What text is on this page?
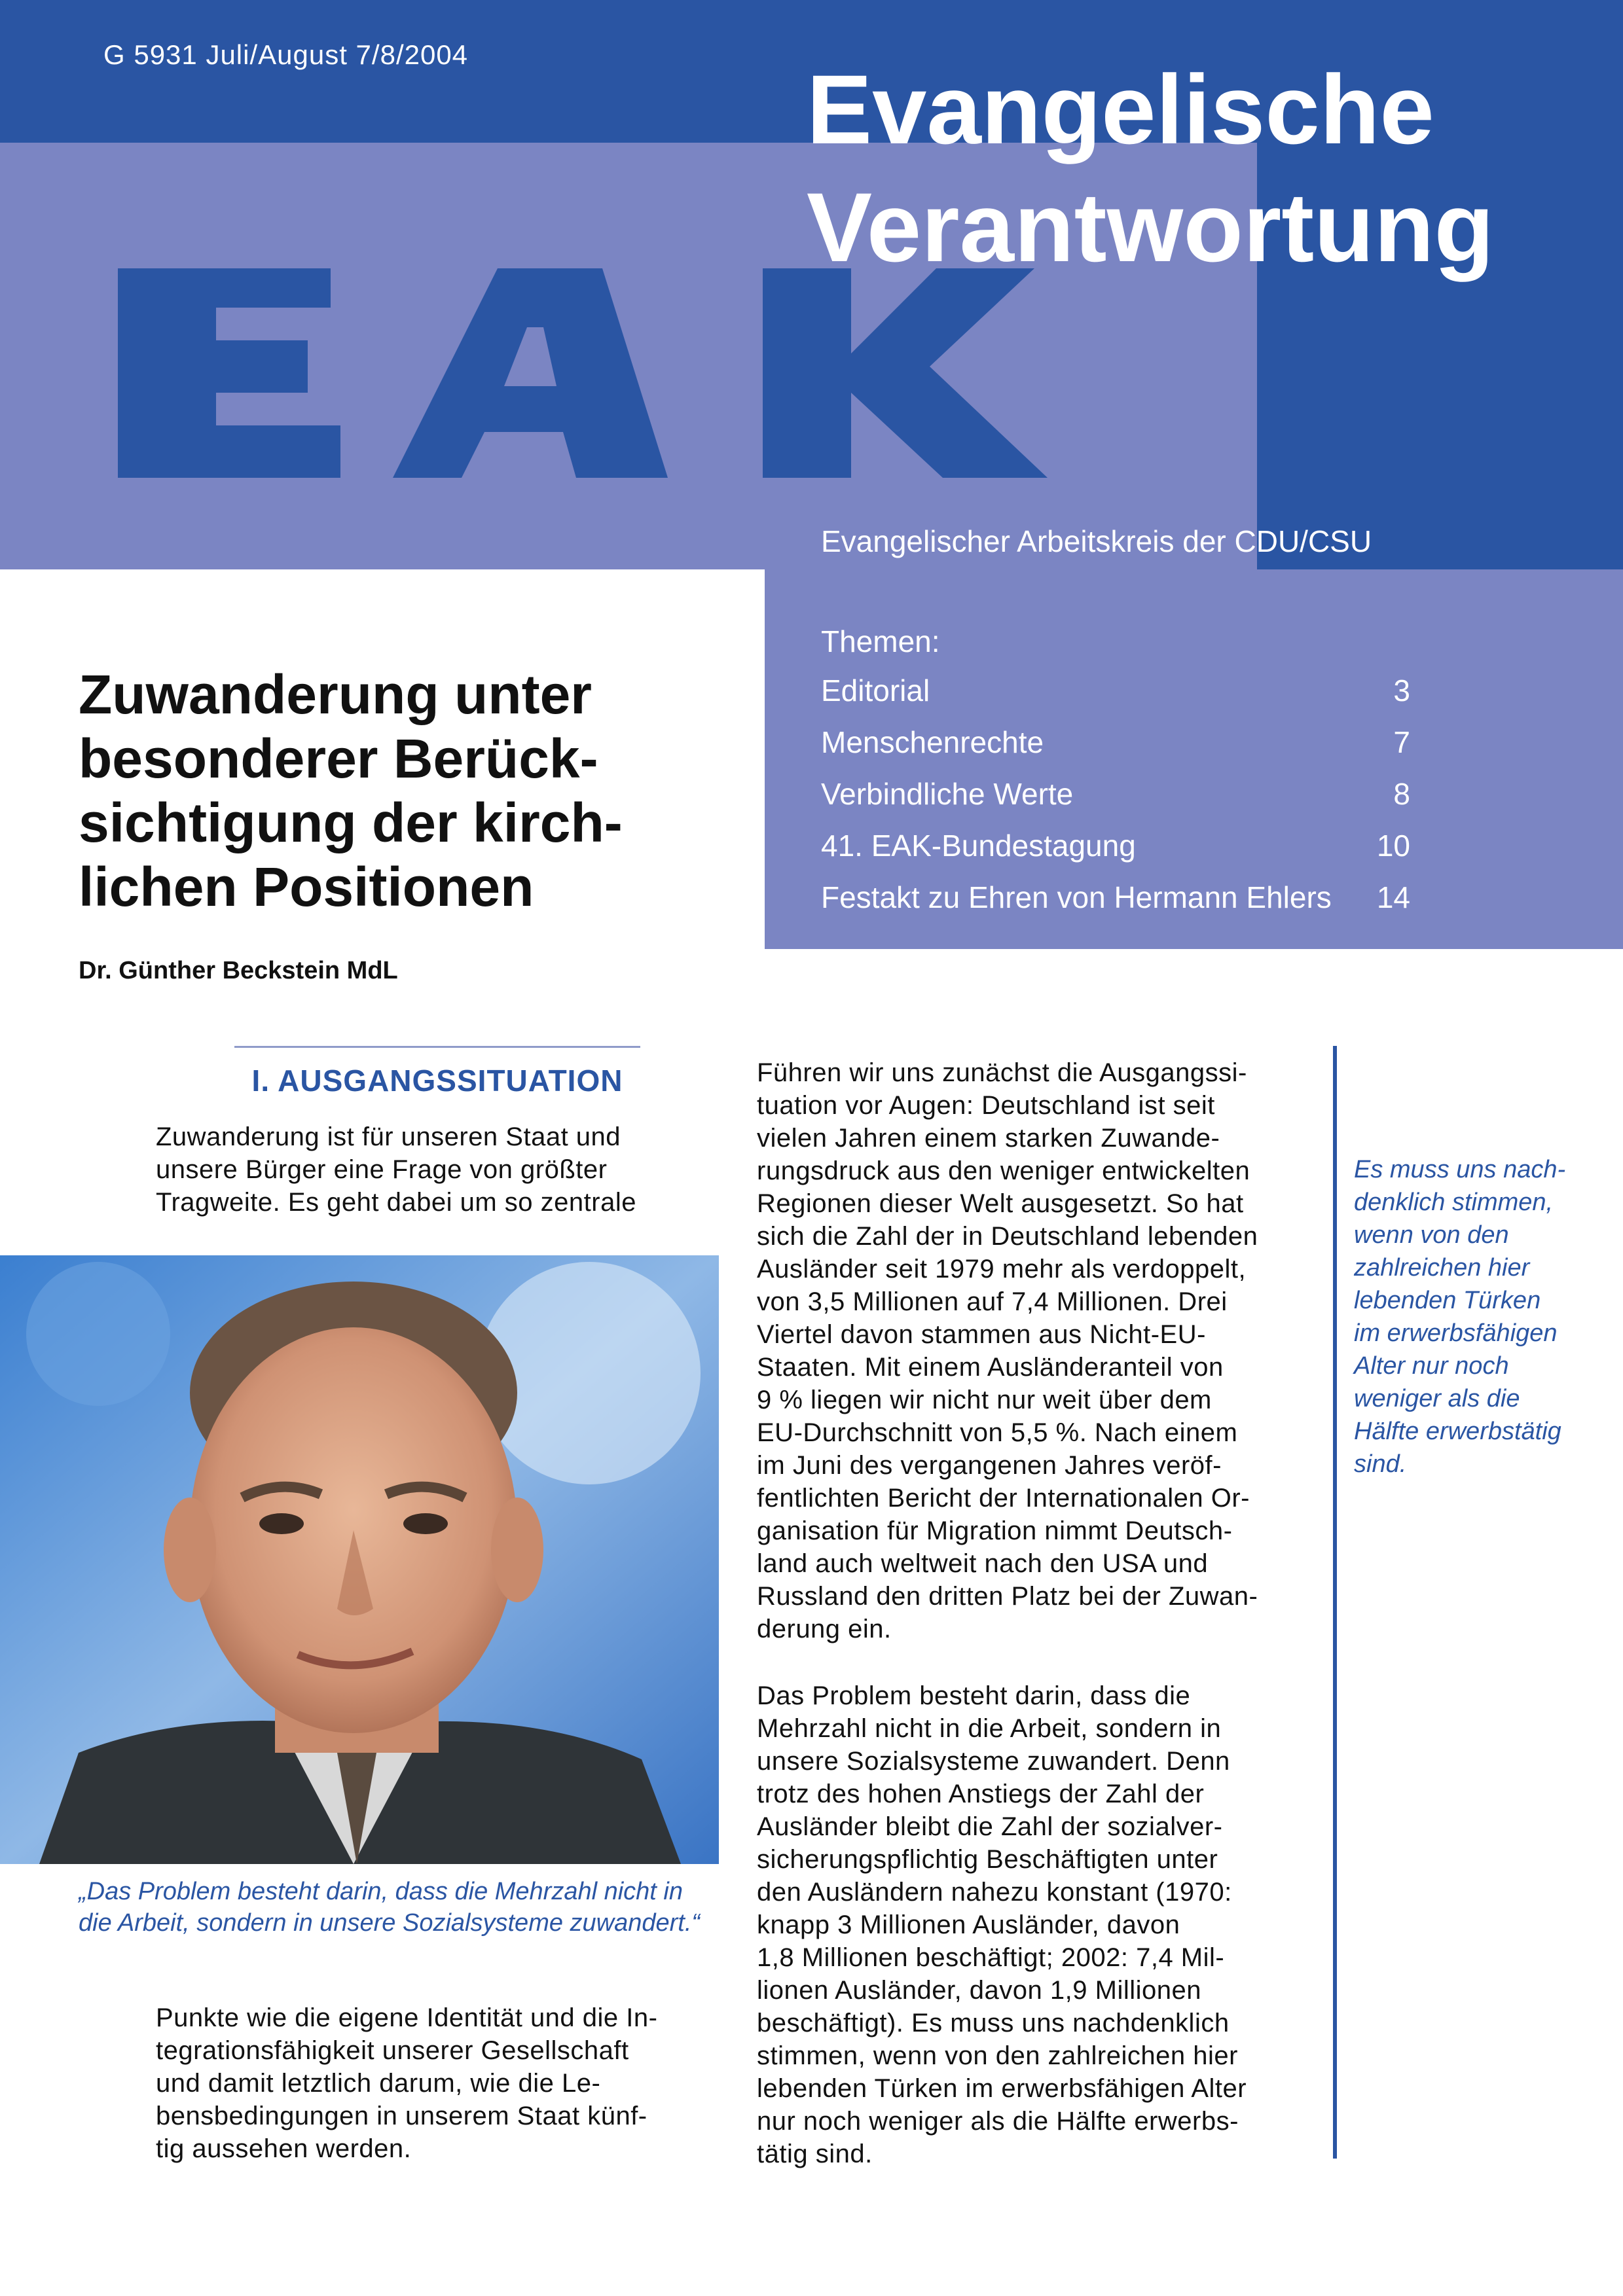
EAK
G 5931 Juli/August 7/8/2004	Evangelische
Verantwortung
Evangelischer Arbeitskreis der CDU/CSU
Themen:
Editorial	3
Menschenrechte	7
Verbindliche Werte	8
41. EAK-Bundestagung	10
Festakt zu Ehren von Hermann Ehlers 14
Zuwanderung unter
besonderer Berück-
sichtigung der kirch-
lichen Positionen
Dr. Günther Beckstein MdL
I. AUSGANGSSITUATION
Zuwanderung ist für unseren Staat und
unsere Bürger eine Frage von größter
Tragweite. Es geht dabei um so zentrale
„Das Problem besteht darin, dass die Mehrzahl nicht in
die Arbeit, sondern in unsere Sozialsysteme zuwandert.“
Punkte wie die eigene Identität und die In-
tegrationsfähigkeit unserer Gesellschaft
und damit letztlich darum, wie die Le-
bensbedingungen in unserem Staat künf-
tig aussehen werden.
Führen wir uns zunächst die Ausgangssi-
tuation vor Augen: Deutschland ist seit
vielen Jahren einem starken Zuwande-
rungsdruck aus den weniger entwickelten
Regionen dieser Welt ausgesetzt. So hat
sich die Zahl der in Deutschland lebenden
Ausländer seit 1979 mehr als verdoppelt,
von 3,5 Millionen auf 7,4 Millionen. Drei
Viertel davon stammen aus Nicht-EU-
Staaten. Mit einem Ausländeranteil von
9 % liegen wir nicht nur weit über dem
EU-Durchschnitt von 5,5 %. Nach einem
im Juni des vergangenen Jahres veröf-
fentlichten Bericht der Internationalen Or-
ganisation für Migration nimmt Deutsch-
land auch weltweit nach den USA und
Russland den dritten Platz bei der Zuwan-
derung ein.
Das Problem besteht darin, dass die
Mehrzahl nicht in die Arbeit, sondern in
unsere Sozialsysteme zuwandert. Denn
trotz des hohen Anstiegs der Zahl der
Ausländer bleibt die Zahl der sozialver-
sicherungspflichtig Beschäftigten unter
den Ausländern nahezu konstant (1970:
knapp 3 Millionen Ausländer, davon
1,8 Millionen beschäftigt; 2002: 7,4 Mil-
lionen Ausländer, davon 1,9 Millionen
beschäftigt). Es muss uns nachdenklich
stimmen, wenn von den zahlreichen hier
lebenden Türken im erwerbsfähigen Alter
nur noch weniger als die Hälfte erwerbs-
tätig sind.
Es muss uns nach-
denklich stimmen,
wenn von den
zahlreichen hier
lebenden Türken
im erwerbsfähigen
Alter nur noch
weniger als die
Hälfte erwerbstätig
sind.
